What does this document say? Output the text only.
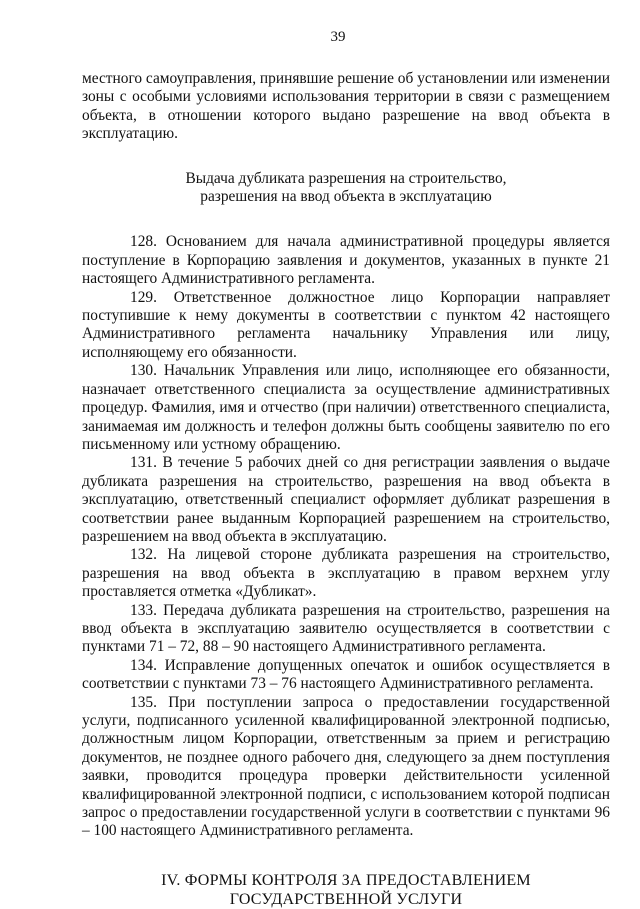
39

местного самоуправления, принявшие решение об установлении или изменении зоны с особыми условиями использования территории в связи с размещением объекта, в отношении которого выдано разрешение на ввод объекта в эксплуатацию.

Выдача дубликата разрешения на строительство,
разрешения на ввод объекта в эксплуатацию

128. Основанием для начала административной процедуры является поступление в Корпорацию заявления и документов, указанных в пункте 21 настоящего Административного регламента.

129. Ответственное должностное лицо Корпорации направляет поступившие к нему документы в соответствии с пунктом 42 настоящего Административного регламента начальнику Управления или лицу, исполняющему его обязанности.

130. Начальник Управления или лицо, исполняющее его обязанности, назначает ответственного специалиста за осуществление административных процедур. Фамилия, имя и отчество (при наличии) ответственного специалиста, занимаемая им должность и телефон должны быть сообщены заявителю по его письменному или устному обращению.

131. В течение 5 рабочих дней со дня регистрации заявления о выдаче дубликата разрешения на строительство, разрешения на ввод объекта в эксплуатацию, ответственный специалист оформляет дубликат разрешения в соответствии ранее выданным Корпорацией разрешением на строительство, разрешением на ввод объекта в эксплуатацию.

132. На лицевой стороне дубликата разрешения на строительство, разрешения на ввод объекта в эксплуатацию в правом верхнем углу проставляется отметка «Дубликат».

133. Передача дубликата разрешения на строительство, разрешения на ввод объекта в эксплуатацию заявителю осуществляется в соответствии с пунктами 71 – 72, 88 – 90 настоящего Административного регламента.

134. Исправление допущенных опечаток и ошибок осуществляется в соответствии с пунктами 73 – 76 настоящего Административного регламента.

135. При поступлении запроса о предоставлении государственной услуги, подписанного усиленной квалифицированной электронной подписью, должностным лицом Корпорации, ответственным за прием и регистрацию документов, не позднее одного рабочего дня, следующего за днем поступления заявки, проводится процедура проверки действительности усиленной квалифицированной электронной подписи, с использованием которой подписан запрос о предоставлении государственной услуги в соответствии с пунктами 96 – 100 настоящего Административного регламента.

IV. ФОРМЫ КОНТРОЛЯ ЗА ПРЕДОСТАВЛЕНИЕМ
ГОСУДАРСТВЕННОЙ УСЛУГИ
